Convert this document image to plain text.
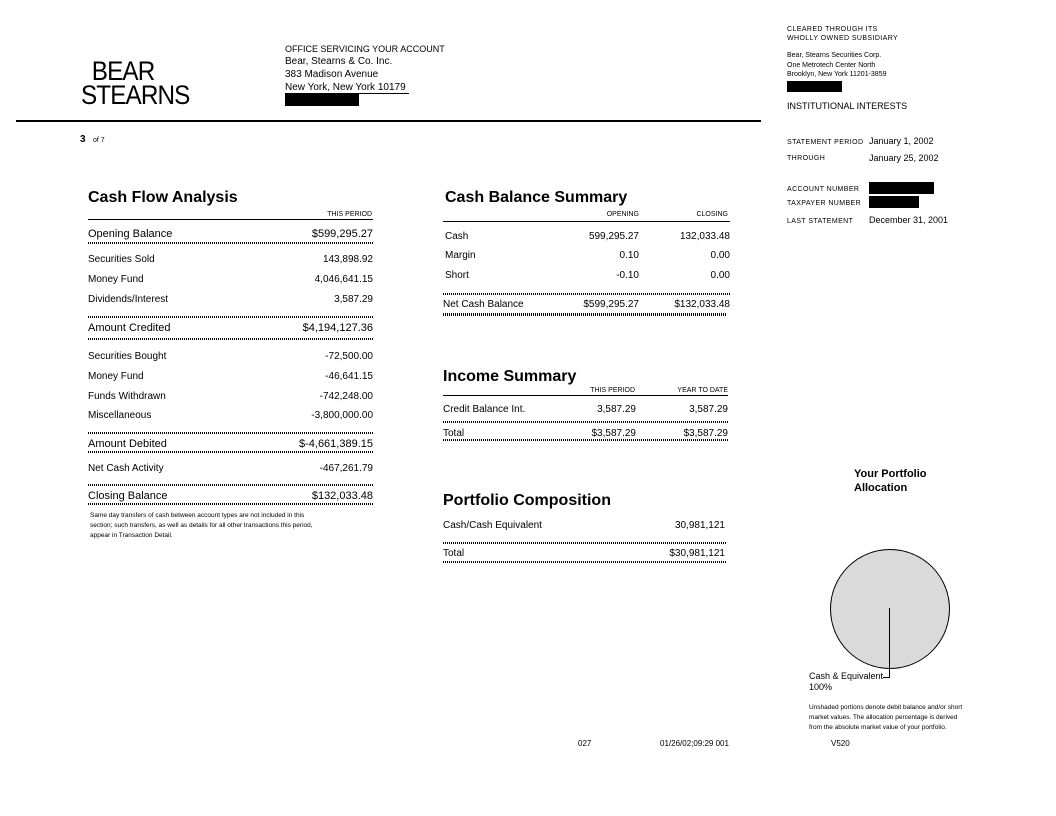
BEAR
STEARNS
OFFICE SERVICING YOUR ACCOUNT
Bear, Stearns & Co. Inc.
383 Madison Avenue
New York, New York 10179
CLEARED THROUGH ITS
WHOLLY OWNED SUBSIDIARY
Bear, Stearns Securities Corp.
One Metrotech Center North
Brooklyn, New York 11201-3859
INSTITUTIONAL INTERESTS
3 of 7	STATEMENT PERIOD January 1, 2002
THROUGH	January 25, 2002
ACCOUNT NUMBER
TAXPAYER NUMBER
LAST STATEMENT December 31, 2001
Cash Flow Analysis
THIS PERIOD
Opening Balance	$599,295.27
Securities Sold	143,898.92
Money Fund	4,046,641.15
Dividends/Interest	3,587.29
Amount Credited	$4,194,127.36
Securities Bought	-72,500.00
Money Fund	-46,641.15
Funds Withdrawn	-742,248.00
Miscellaneous	-3,800,000.00
Amount Debited	$-4,661,389.15
Net Cash Activity	-467,261.79
Closing Balance	$132,033.48
Same day transfers of cash between account types are not included in this
section; such transfers, as well as details for all other transactions this period,
appear in Transaction Detail.
Cash Balance Summary
OPENING	CLOSING
Cash	599,295.27	132,033.48
Margin	0.10	0.00
Short	-0.10	0.00
Net Cash Balance	$599,295.27	$132,033.48
Income Summary
THIS PERIOD	YEAR TO DATE
Credit Balance Int.	3,587.29	3,587.29
Total	$3,587.29	$3,587.29
Portfolio Composition
Cash/Cash Equivalent	30,981,121
Total	$30,981,121
Your Portfolio
Allocation
Cash & Equivalent
100%
Unshaded portions denote debit balance and/or short
market values. The allocation percentage is derived
from the absolute market value of your portfolio.
027	01/26/02;09:29 001	V520
